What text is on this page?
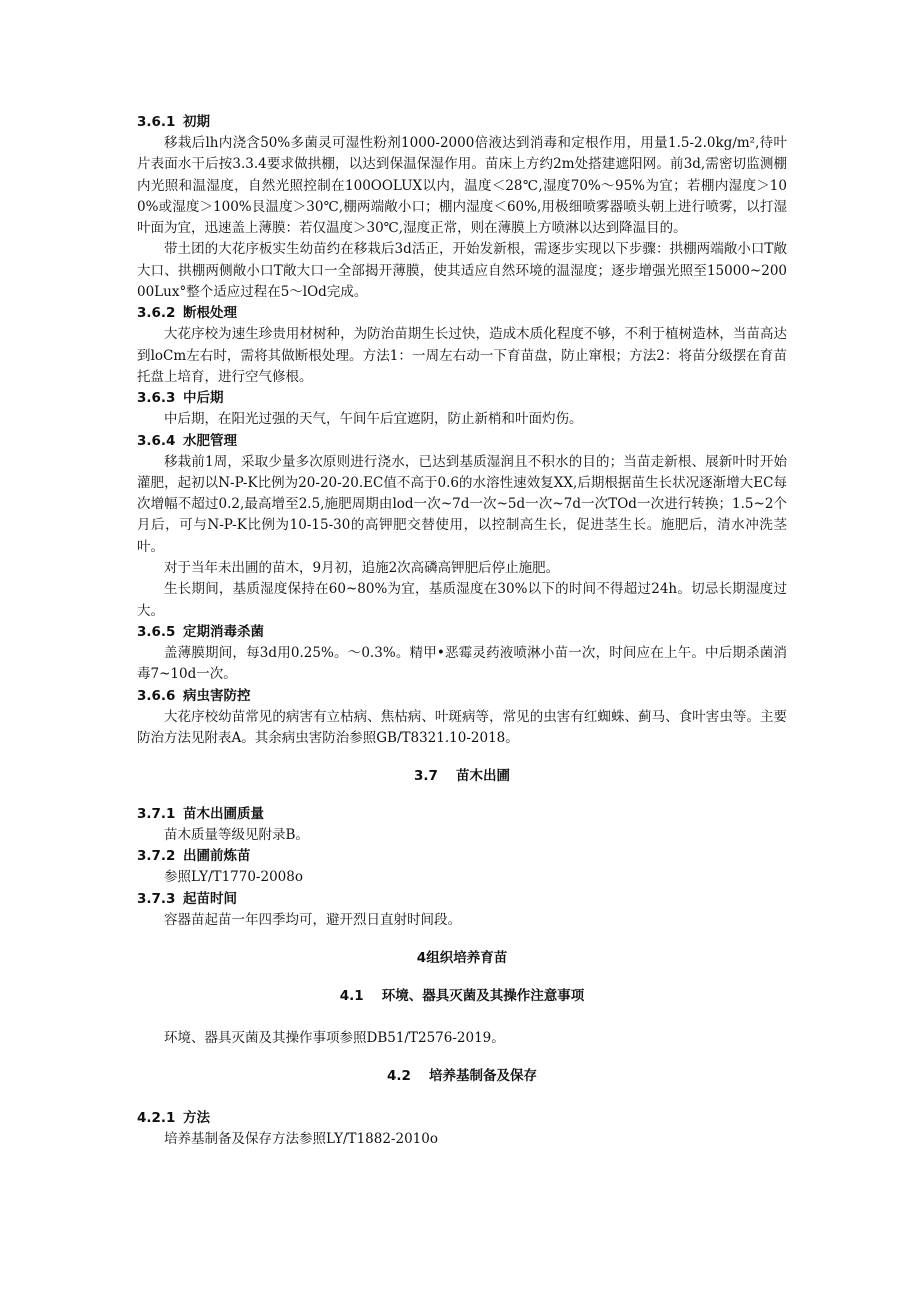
3.6.1 初期
移栽后lh内浇含50%多菌灵可湿性粉剂1000-2000倍液达到消毒和定根作用，用量1.5-2.0kg∕m²,待叶片表面水干后按3.3.4要求做拱棚，以达到保温保湿作用。苗床上方约2m处搭建遮阳网。前3d,需密切监测棚内光照和温湿度，自然光照控制在100OOLUX以内，温度＜28℃,湿度70%～95%为宜；若棚内湿度＞100%或湿度＞100%艮温度＞30℃,棚两端敞小口；棚内湿度＜60%,用极细喷雾器喷头朝上进行喷雾，以打湿叶面为宜，迅速盖上薄膜：若仅温度＞30℃,湿度正常，则在薄膜上方喷淋以达到降温目的。
带土团的大花序板实生幼苗约在移栽后3d活正，开始发新根，需逐步实现以下步骤：拱棚两端敞小口T敞大口、拱棚两侧敞小口T敞大口一全部揭开薄膜，使其适应自然环境的温湿度；逐步增强光照至15000~20000Lux°整个适应过程在5～lOd完成。
3.6.2 断根处理
大花序校为速生珍贵用材树种，为防治苗期生长过快，造成木质化程度不够，不利于植树造林，当苗高达到loCm左右时，需将其做断根处理。方法1：一周左右动一下育苗盘，防止窜根；方法2：将苗分级摆在育苗托盘上培育，进行空气修根。
3.6.3 中后期
中后期，在阳光过强的天气，午间午后宜遮阴，防止新梢和叶面灼伤。
3.6.4 水肥管理
移栽前1周，采取少量多次原则进行浇水，已达到基质湿润且不积水的目的；当苗走新根、展新叶时开始灌肥，起初以N-P-K比例为20-20-20.EC值不高于0.6的水溶性速效复XX,后期根据苗生长状况逐渐增大EC每次增幅不超过0.2,最高增至2.5,施肥周期由lod一次~7d一次~5d一次~7d一次TOd一次进行转换；1.5~2个月后，可与N-P-K比例为10-15-30的高钾肥交替使用，以控制高生长，促进茎生长。施肥后，清水冲洗茎叶。
对于当年未出圃的苗木，9月初，追施2次高磷高钾肥后停止施肥。
生长期间，基质湿度保持在60~80%为宜，基质湿度在30%以下的时间不得超过24h。切忌长期湿度过大。
3.6.5 定期消毒杀菌
盖薄膜期间，每3d用0.25%。～0.3%。精甲•恶霉灵药液喷淋小苗一次，时间应在上午。中后期杀菌消毒7~10d一次。
3.6.6 病虫害防控
大花序校幼苗常见的病害有立枯病、焦枯病、叶斑病等，常见的虫害有红蜘蛛、蓟马、食叶害虫等。主要防治方法见附表A。其余病虫害防治参照GB/T8321.10-2018。
3.7 苗木出圃
3.7.1 苗木出圃质量
苗木质量等级见附录B。
3.7.2 出圃前炼苗
参照LY/T1770-2008o
3.7.3 起苗时间
容器苗起苗一年四季均可，避开烈日直射时间段。
4组织培养育苗
4.1 环境、器具灭菌及其操作注意事项
环境、器具灭菌及其操作事项参照DB51/T2576-2019。
4.2 培养基制备及保存
4.2.1 方法
培养基制备及保存方法参照LY/T1882-2010o
